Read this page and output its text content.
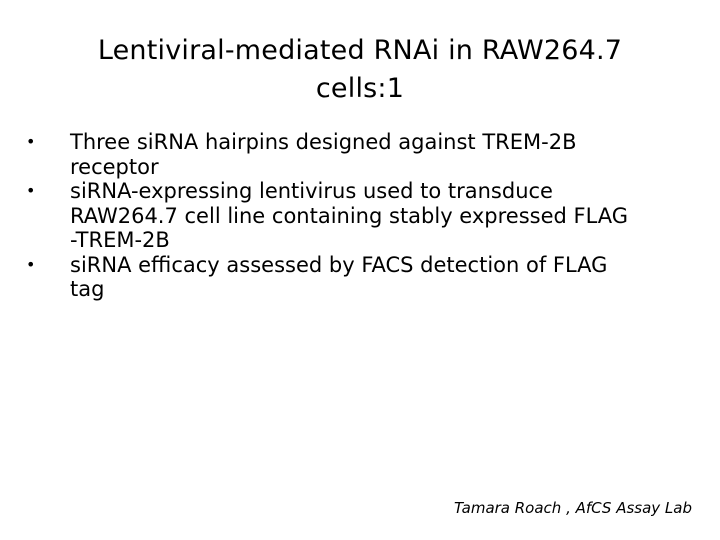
Lentiviral-mediated RNAi in RAW264.7
cells:1
•	Three siRNA hairpins designed against TREM-2B
receptor
•	siRNA-expressing lentivirus used to transduce
RAW264.7 cell line containing stably expressed FLAG
-TREM-2B
•	siRNA efficacy assessed by FACS detection of FLAG
tag
Tamara Roach , AfCS Assay Lab
